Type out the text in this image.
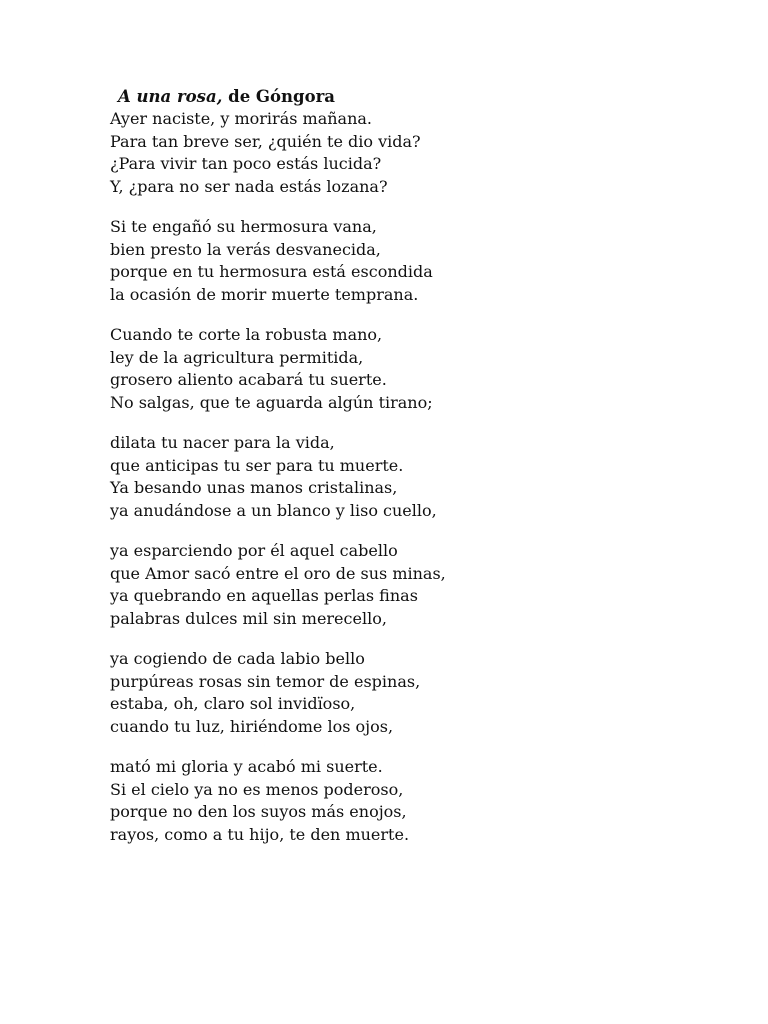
A una rosa, de Góngora
Ayer naciste, y morirás mañana.
Para tan breve ser, ¿quién te dio vida?
¿Para vivir tan poco estás lucida?
Y, ¿para no ser nada estás lozana?
Si te engañó su hermosura vana,
bien presto la verás desvanecida,
porque en tu hermosura está escondida
la ocasión de morir muerte temprana.
Cuando te corte la robusta mano,
ley de la agricultura permitida,
grosero aliento acabará tu suerte.
No salgas, que te aguarda algún tirano;
dilata tu nacer para la vida,
que anticipas tu ser para tu muerte.
Ya besando unas manos cristalinas,
ya anudándose a un blanco y liso cuello,
ya esparciendo por él aquel cabello
que Amor sacó entre el oro de sus minas,
ya quebrando en aquellas perlas finas
palabras dulces mil sin merecello,
ya cogiendo de cada labio bello
purpúreas rosas sin temor de espinas,
estaba, oh, claro sol invidïoso,
cuando tu luz, hiriéndome los ojos,
mató mi gloria y acabó mi suerte.
Si el cielo ya no es menos poderoso,
porque no den los suyos más enojos,
rayos, como a tu hijo, te den muerte.
